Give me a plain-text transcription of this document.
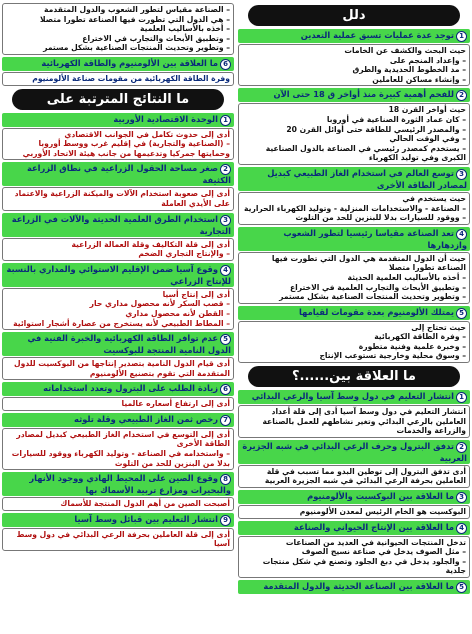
دلل
1توجد عدة عمليات تسبق عملية التعدين
حيث البحث والكشف عن الخامات
– وإعداد المنجم على
– مد الخطوط الحديدية والطرق
– وإنشاء مساكن للعاملين
2للفحم أهمية كبيرة منذ أواخر ق 18 حتى الآن
حيث أواخر القرن 18
– كان عماد الثورة الصناعية في أوروبا
– والمصدر الرئيسي للطاقة حتى أوائل القرن 20
– وفي الوقت الحالي
– يستخدم كمصدر رئيسي في الصناعة بالدول الصناعية الكبرى وفي توليد الكهرباء
3توسع العالم في استخدام الغاز الطبيعي كبديل لمصادر الطاقة الأخرى
حيث يستخدم في
– الصناعة - والاستخدامات المنزلية - وتوليد الكهرباء الحرارية
– ووقود للسيارات بدلا للبنزين للحد من التلوث
4تعد الصناعة مقياسا رئيسيا لتطور الشعوب وازدهارها
حيث أن الدول المتقدمة هي الدول التي تطورت فيها الصناعة تطورا متصلا
– أخذه بالأساليب العلمية الحديثة
– وتطبيق الأبحاث والتجارب العلمية في الاختراع
– وتطوير وتحديث المنتجات الصناعية بشكل مستمر
5يمتلك الألومنيوم بعدة مقومات لقيامها
حيث تحتاج إلى
– وفرة الطاقة الكهربائية
– وخبرة علمية وفنية متطورة
– وسوق محلية وخارجية تستوعب الإنتاج
ما العلاقة بين......؟
1انتشار التعليم في دول وسط آسيا والرعي البدائي
انتشار التعليم في دول وسط آسيا أدى إلى قلة أعداد العاملين بالرعي البدائي وتغير نشاطهم للعمل بالصناعة والزراعة والخدمات
2تدفق البترول وحرف الرعي البدائي في شبه الجزيرة العربية
أدى تدفق البترول إلى توطين البدو مما تسبب في قلة العاملين بحرفة الرعي البدائي في شبه الجزيرة العربية
3ما العلاقة بين البوكسيت والألومنيوم
البوكسيت هو الخام الرئيس لمعدن الألومنيوم
4ما العلاقة بين الإنتاج الحيواني والصناعة
تدخل المنتجات الحيوانية في العديد من الصناعات
– مثل الصوف يدخل في صناعة نسيج الصوف
– والجلود يدخل في دبغ الجلود وتصنع في شكل منتجات جلدية
5ما العلاقة بين الصناعة الحديثة والدول المتقدمة
– الصناعة مقياس لتطور الشعوب والدول المتقدمة
– هي الدول التي تطورت فيها الصناعة تطورا متصلا
– أخذه بالأساليب العلمية
– وتطبيق الأبحاث والتجارب في الاختراع
– وتطوير وتحديث المنتجات الصناعية بشكل مستمر
6ما العلاقة بين الألومنيوم والطاقة الكهربائية
وفرة الطاقة الكهربائية من مقومات صناعة الألومنيوم
ما النتائج المترتبة على
1الوحدة الاقتصادية الأوربية
أدى إلى حدوث تكامل في الجوانب الاقتصادي
– (الصناعية والتجارية) في إقليم غرب ووسط أوروبا وحمايتها جمركيا وتدعيمها من جانب هيئة الاتحاد الأوربي
2صغر مساحة الحقول الزراعية في نطاق الزراعة الكثيفة
أدى إلى صعوبة استخدام الآلات والميكنة الزراعية والاعتماد على الأيدي العاملة
3استخدام الطرق العلمية الحديثة والآلات في الزراعة التجارية
أدى إلى قلة التكاليف وقلة العمالة الزراعية
– والإنتاج التجاري الضخم
4وقوع آسيا ضمن الإقليم الاستوائي والمداري بالنسبة للإنتاج الزراعي
أدى إلى إنتاج أسيا
– قصب السكر لأنه محصول مداري حار
– القطن لأنه محصول مداري
– المطاط الطبيعي لأنه يستخرج من عصارة أشجار استوائية
5عدم توافر الطاقة الكهربائية والخبرة الفنية في الدول النامية المنتجة للبوكسيت
أدى قيام الدول النامية بتصدير إنتاجها من البوكسيت للدول المتقدمة التي تقوم بتصنيع الألومنيوم
6زيادة الطلب على البترول وتعدد استخداماته
أدى إلى ارتفاع أسعاره عالميا
7رخص ثمن الغاز الطبيعي وقلة تلوثه
أدى إلى التوسع في استخدام الغاز الطبيعي كبديل لمصادر الطاقة الأخرى
– واستخدامه في الصناعة - وتوليد الكهرباء ووقود للسيارات بدلا من البنزين للحد من التلوث
8وقوع الصين على المحيط الهادي ووجود الأنهار والبحيرات ومزارع تربية الأسماك بها
أصبحت الصين من أهم الدول المنتجة للأسماك
9انتشار التعليم بين قبائل وسط آسيا
أدى إلى قلة العاملين بحرفة الرعي البدائي في دول وسط آسيا
